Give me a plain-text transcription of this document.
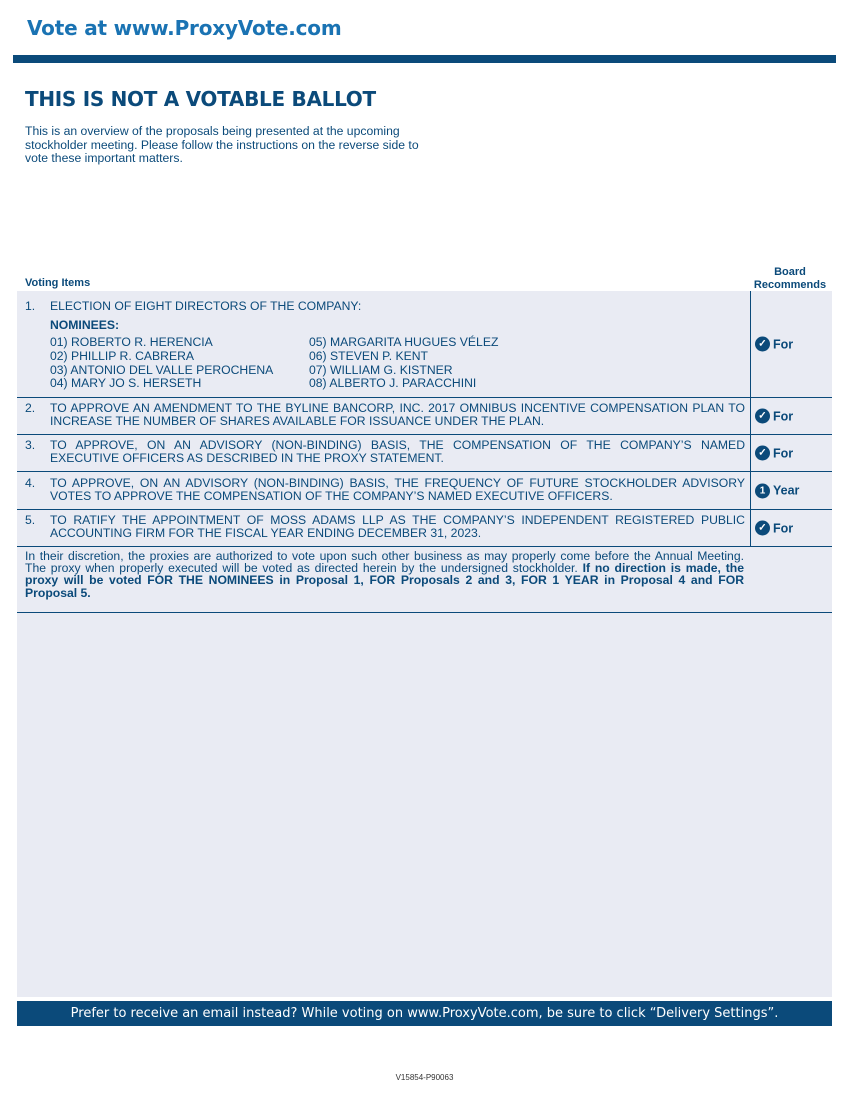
Vote at www.ProxyVote.com
THIS IS NOT A VOTABLE BALLOT
This is an overview of the proposals being presented at the upcoming stockholder meeting. Please follow the instructions on the reverse side to vote these important matters.
Voting Items
Board
Recommends
1. ELECTION OF EIGHT DIRECTORS OF THE COMPANY:
NOMINEES:
01) ROBERTO R. HERENCIA
02) PHILLIP R. CABRERA
03) ANTONIO DEL VALLE PEROCHENA
04) MARY JO S. HERSETH
05) MARGARITA HUGUES VÉLEZ
06) STEVEN P. KENT
07) WILLIAM G. KISTNER
08) ALBERTO J. PARACCHINI
✓ For
2. TO APPROVE AN AMENDMENT TO THE BYLINE BANCORP, INC. 2017 OMNIBUS INCENTIVE COMPENSATION PLAN TO INCREASE THE NUMBER OF SHARES AVAILABLE FOR ISSUANCE UNDER THE PLAN.	✓ For
3. TO APPROVE, ON AN ADVISORY (NON-BINDING) BASIS, THE COMPENSATION OF THE COMPANY’S NAMED EXECUTIVE OFFICERS AS DESCRIBED IN THE PROXY STATEMENT.	✓ For
4. TO APPROVE, ON AN ADVISORY (NON-BINDING) BASIS, THE FREQUENCY OF FUTURE STOCKHOLDER ADVISORY VOTES TO APPROVE THE COMPENSATION OF THE COMPANY’S NAMED EXECUTIVE OFFICERS.	1 Year
5. TO RATIFY THE APPOINTMENT OF MOSS ADAMS LLP AS THE COMPANY’S INDEPENDENT REGISTERED PUBLIC ACCOUNTING FIRM FOR THE FISCAL YEAR ENDING DECEMBER 31, 2023.	✓ For
In their discretion, the proxies are authorized to vote upon such other business as may properly come before the Annual Meeting. The proxy when properly executed will be voted as directed herein by the undersigned stockholder. If no direction is made, the proxy will be voted FOR THE NOMINEES in Proposal 1, FOR Proposals 2 and 3, FOR 1 YEAR in Proposal 4 and FOR Proposal 5.
Prefer to receive an email instead? While voting on www.ProxyVote.com, be sure to click “Delivery Settings”.
V15854-P90063
